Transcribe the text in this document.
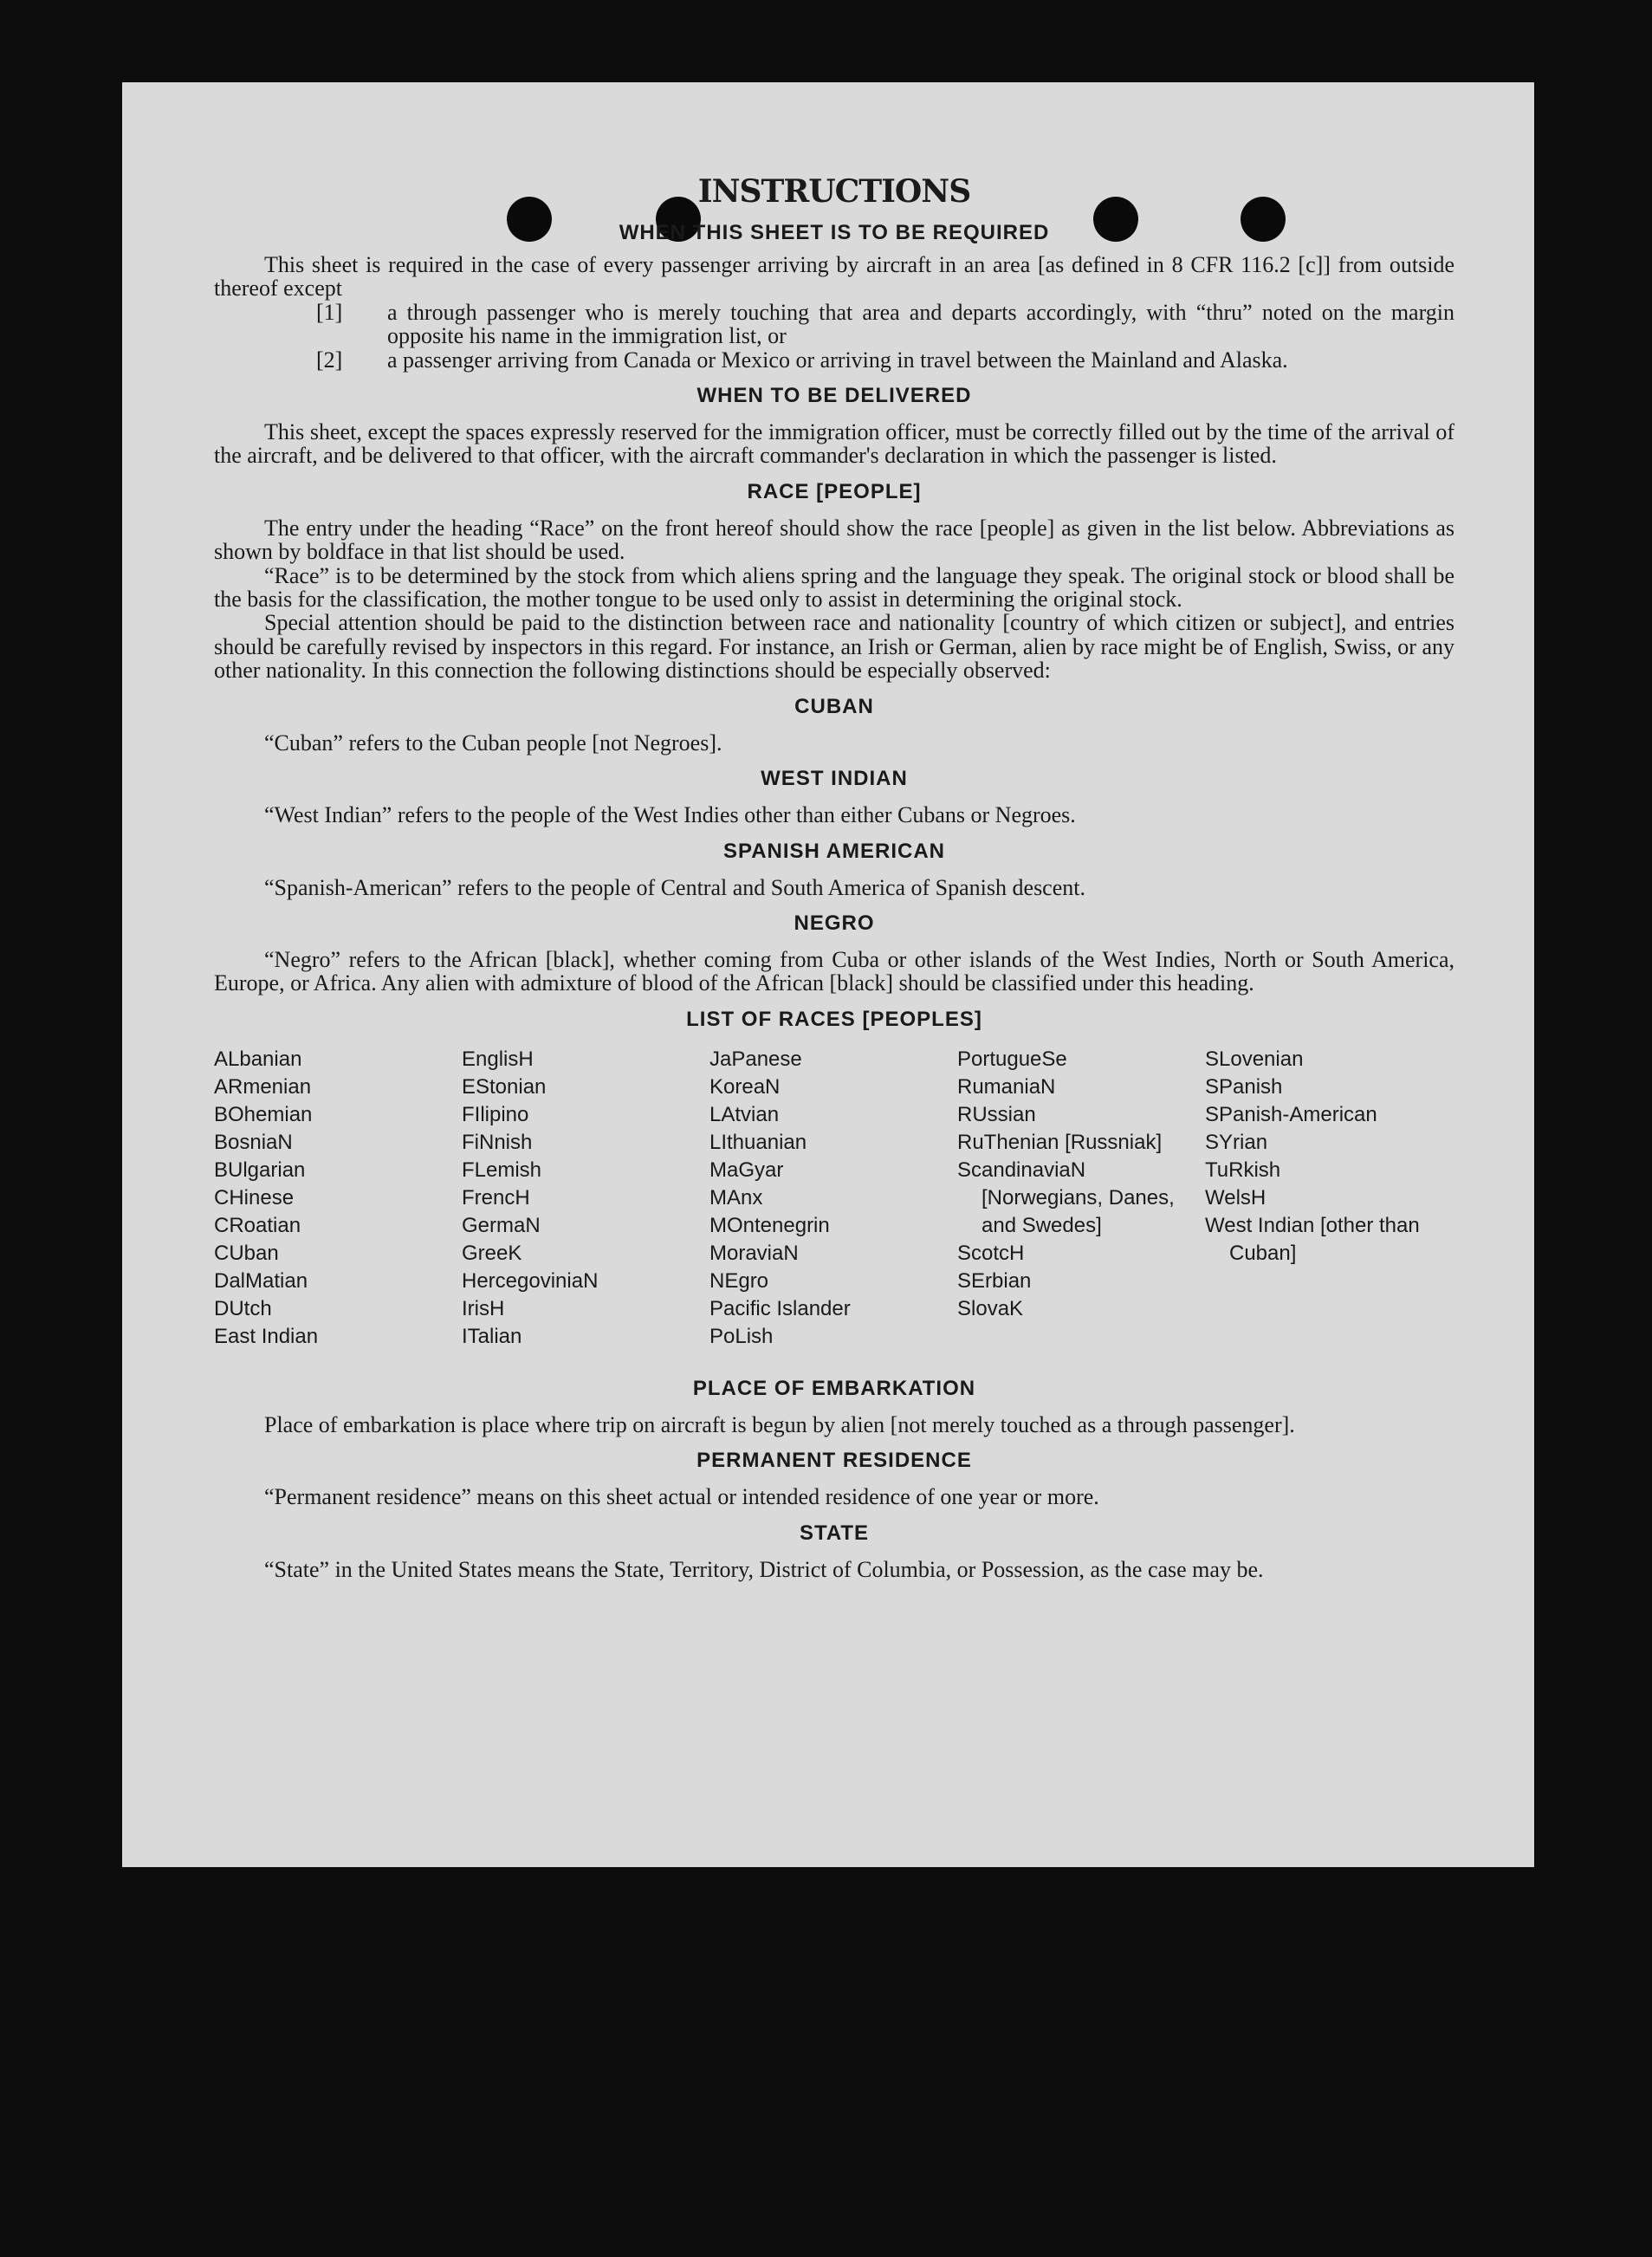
INSTRUCTIONS
WHEN THIS SHEET IS TO BE REQUIRED

This sheet is required in the case of every passenger arriving by aircraft in an area [as defined in 8 CFR 116.2 [c]] from outside thereof except

[1] a through passenger who is merely touching that area and departs accordingly, with “thru” noted on the margin opposite his name in the immigration list, or

[2] a passenger arriving from Canada or Mexico or arriving in travel between the Mainland and Alaska.

WHEN TO BE DELIVERED

This sheet, except the spaces expressly reserved for the immigration officer, must be correctly filled out by the time of the arrival of the aircraft, and be delivered to that officer, with the aircraft commander's declaration in which the passenger is listed.

RACE [PEOPLE]

The entry under the heading “Race” on the front hereof should show the race [people] as given in the list below. Abbreviations as shown by boldface in that list should be used.

“Race” is to be determined by the stock from which aliens spring and the language they speak. The original stock or blood shall be the basis for the classification, the mother tongue to be used only to assist in determining the original stock.

Special attention should be paid to the distinction between race and nationality [country of which citizen or subject], and entries should be carefully revised by inspectors in this regard. For instance, an Irish or German, alien by race might be of English, Swiss, or any other nationality. In this connection the following distinctions should be especially observed:

CUBAN

“Cuban” refers to the Cuban people [not Negroes].

WEST INDIAN

“West Indian” refers to the people of the West Indies other than either Cubans or Negroes.

SPANISH AMERICAN

“Spanish-American” refers to the people of Central and South America of Spanish descent.

NEGRO

“Negro” refers to the African [black], whether coming from Cuba or other islands of the West Indies, North or South America, Europe, or Africa. Any alien with admixture of blood of the African [black] should be classified under this heading.

LIST OF RACES [PEOPLES]
ALbanian
ARmenian
BOhemian
BosniaN
BUlgarian
CHinese
CRoatian
CUban
DalMatian
DUtch
East Indian
EnglisH
EStonian
FIlipino
FiNnish
FLemish
FrencH
GermaN
GreeK
HercegoviniaN
IrisH
ITalian
JaPanese
KoreaN
LAtvian
LIthuanian
MaGyar
MAnx
MOntenegrin
MoraviaN
NEgro
Pacific Islander
PoLish
PortugueSe
RumaniaN
RUssian
RuThenian [Russniak]
ScandinaviaN [Norwegians, Danes, and Swedes]
ScotcH
SErbian
SlovaK
SLovenian
SPanish
SPanish-American
SYrian
TuRkish
WelsH
West Indian [other than Cuban]
PLACE OF EMBARKATION

Place of embarkation is place where trip on aircraft is begun by alien [not merely touched as a through passenger].

PERMANENT RESIDENCE

“Permanent residence” means on this sheet actual or intended residence of one year or more.

STATE

“State” in the United States means the State, Territory, District of Columbia, or Possession, as the case may be.
